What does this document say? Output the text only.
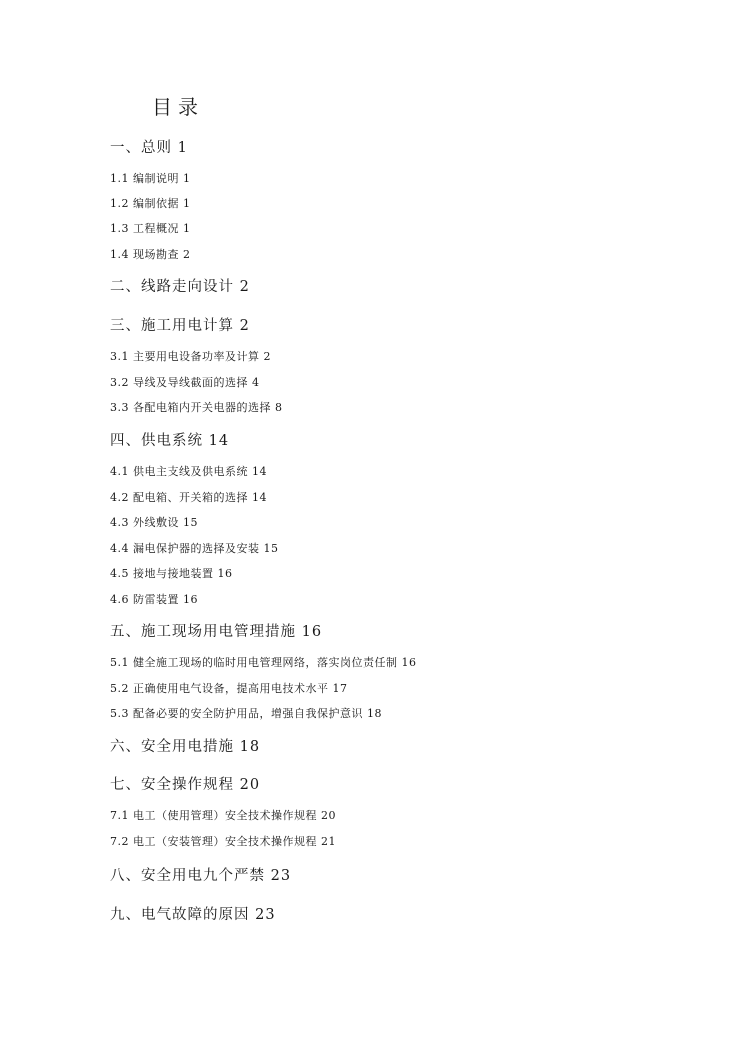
目录

一、总则 1

1.1 编制说明 1

1.2 编制依据 1

1.3 工程概况 1

1.4 现场勘查 2

二、线路走向设计 2

三、施工用电计算 2

3.1 主要用电设备功率及计算 2

3.2 导线及导线截面的选择 4

3.3 各配电箱内开关电器的选择 8

四、供电系统 14

4.1 供电主支线及供电系统 14

4.2 配电箱、开关箱的选择 14

4.3 外线敷设 15

4.4 漏电保护器的选择及安装 15

4.5 接地与接地装置 16

4.6 防雷装置 16

五、施工现场用电管理措施 16

5.1 健全施工现场的临时用电管理网络，落实岗位责任制 16

5.2 正确使用电气设备，提高用电技术水平 17

5.3 配备必要的安全防护用品，增强自我保护意识 18

六、安全用电措施 18

七、安全操作规程 20

7.1 电工（使用管理）安全技术操作规程 20

7.2 电工（安装管理）安全技术操作规程 21

八、安全用电九个严禁 23

九、电气故障的原因 23
